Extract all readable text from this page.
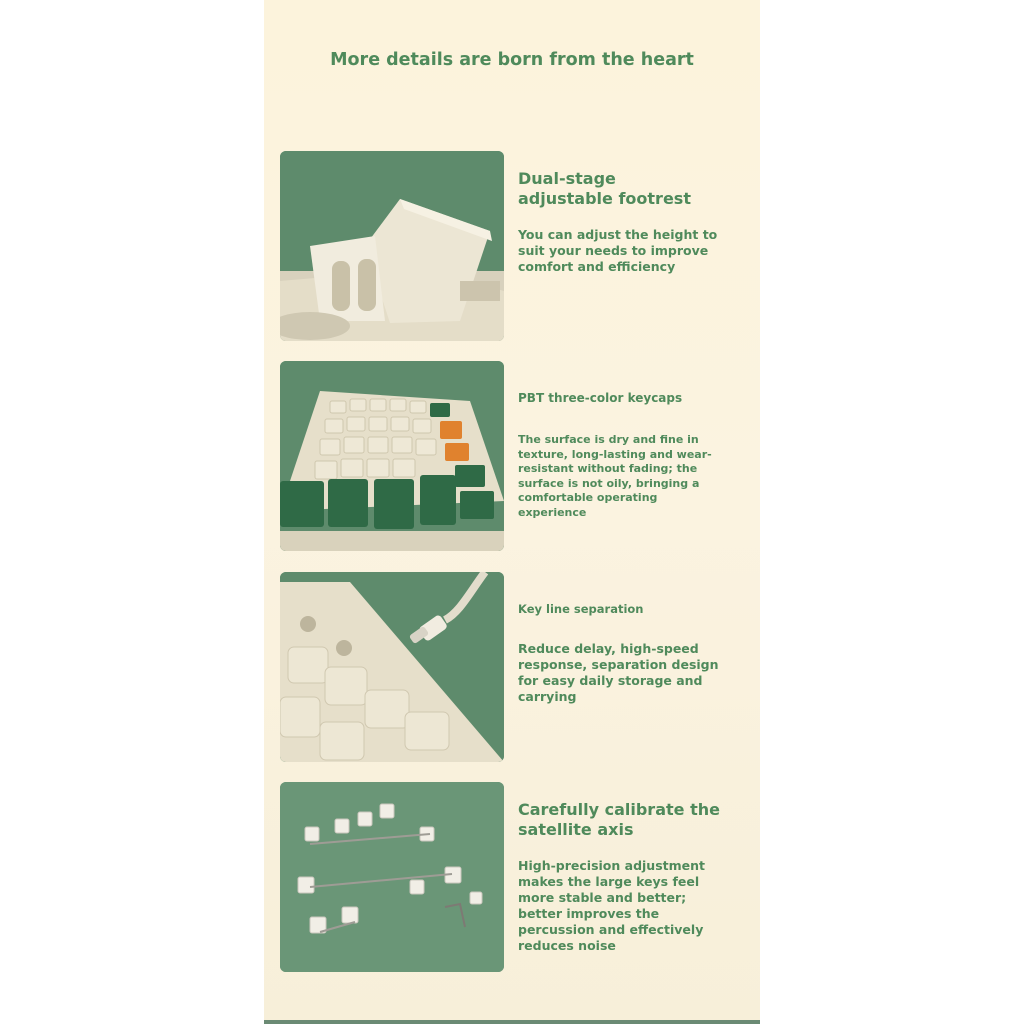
More details are born from the heart

Dual-stage adjustable footrest

You can adjust the height to suit your needs to improve comfort and efficiency

PBT three-color keycaps

The surface is dry and fine in texture, long-lasting and wear-resistant without fading; the surface is not oily, bringing a comfortable operating experience

Key line separation

Reduce delay, high-speed response, separation design for easy daily storage and carrying

Carefully calibrate the satellite axis

High-precision adjustment makes the large keys feel more stable and better; better improves the percussion and effectively reduces noise
